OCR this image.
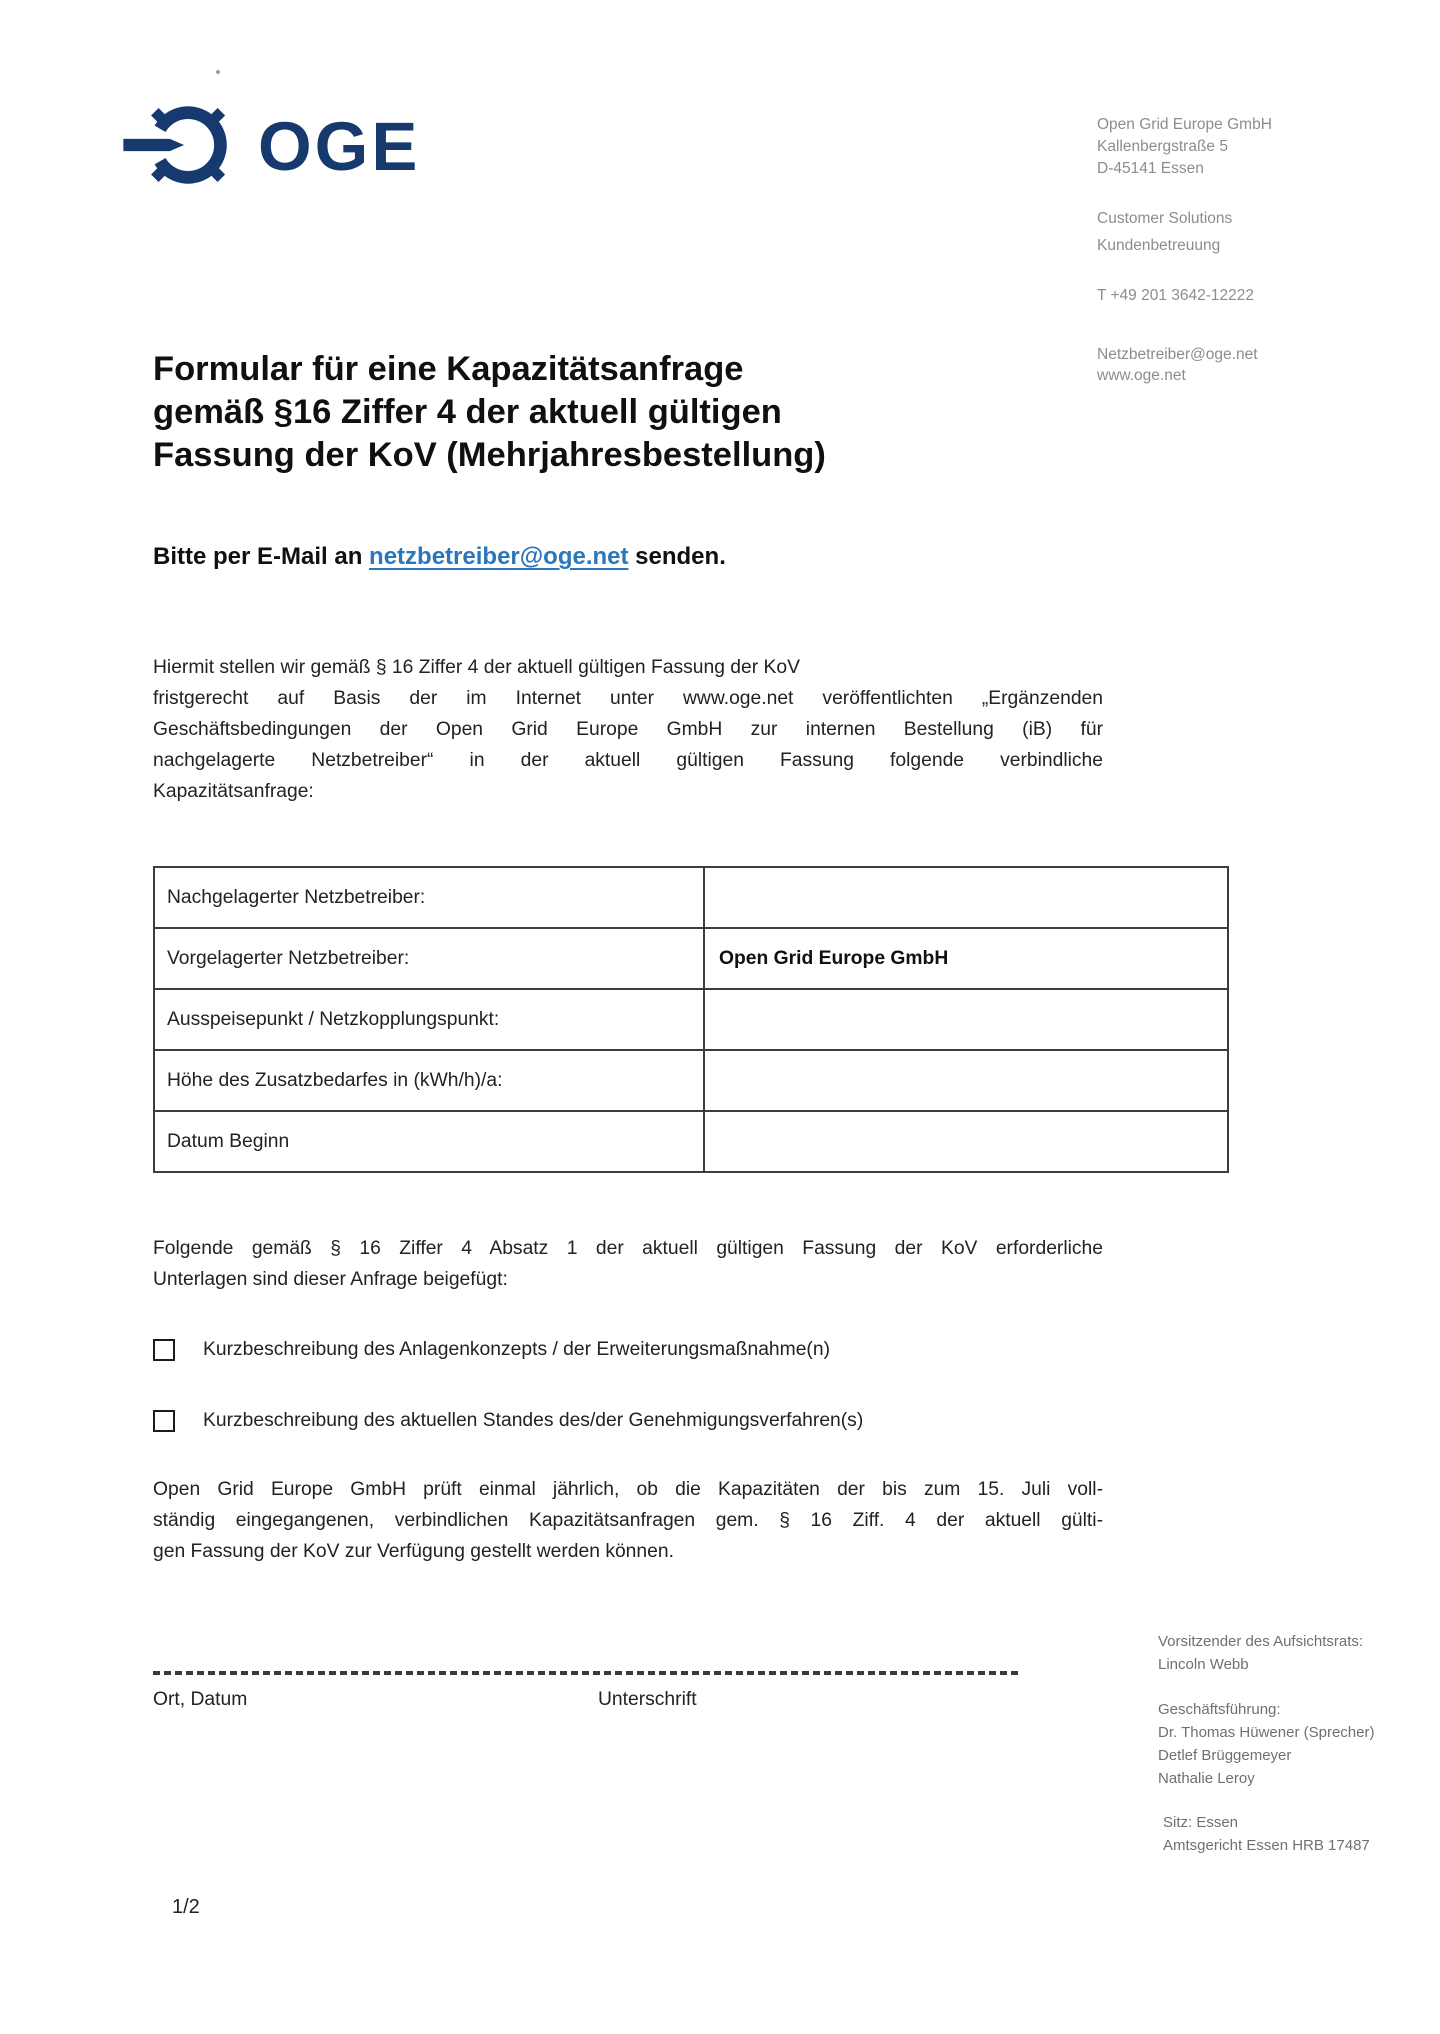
OGE	Open Grid Europe GmbH
Kallenbergstraße 5
D-45141 Essen
Customer Solutions
Kundenbetreuung
T +49 201 3642-12222
Netzbetreiber@oge.net
www.oge.net
Formular für eine Kapazitätsanfrage
gemäß §16 Ziffer 4 der aktuell gültigen
Fassung der KoV (Mehrjahresbestellung)
Bitte per E-Mail an netzbetreiber@oge.net senden.
Hiermit stellen wir gemäß § 16 Ziffer 4 der aktuell gültigen Fassung der KoV
fristgerecht auf Basis der im Internet unter www.oge.net veröffentlichten „Ergänzenden
Geschäftsbedingungen der Open Grid Europe GmbH zur internen Bestellung (iB) für
nachgelagerte Netzbetreiber“ in der aktuell gültigen Fassung folgende verbindliche
Kapazitätsanfrage:
Nachgelagerter Netzbetreiber:
Vorgelagerter Netzbetreiber:	Open Grid Europe GmbH
Ausspeisepunkt / Netzkopplungspunkt:
Höhe des Zusatzbedarfes in (kWh/h)/a:
Datum Beginn
Folgende gemäß § 16 Ziffer 4 Absatz 1 der aktuell gültigen Fassung der KoV erforderliche
Unterlagen sind dieser Anfrage beigefügt:
Kurzbeschreibung des Anlagenkonzepts / der Erweiterungsmaßnahme(n)
Kurzbeschreibung des aktuellen Standes des/der Genehmigungsverfahren(s)
Open Grid Europe GmbH prüft einmal jährlich, ob die Kapazitäten der bis zum 15. Juli voll-
ständig eingegangenen, verbindlichen Kapazitätsanfragen gem. § 16 Ziff. 4 der aktuell gülti-
gen Fassung der KoV zur Verfügung gestellt werden können.
Ort, Datum	Unterschrift
Vorsitzender des Aufsichtsrats:
Lincoln Webb
Geschäftsführung:
Dr. Thomas Hüwener (Sprecher)
Detlef Brüggemeyer
Nathalie Leroy
Sitz: Essen
Amtsgericht Essen HRB 17487
1/2
